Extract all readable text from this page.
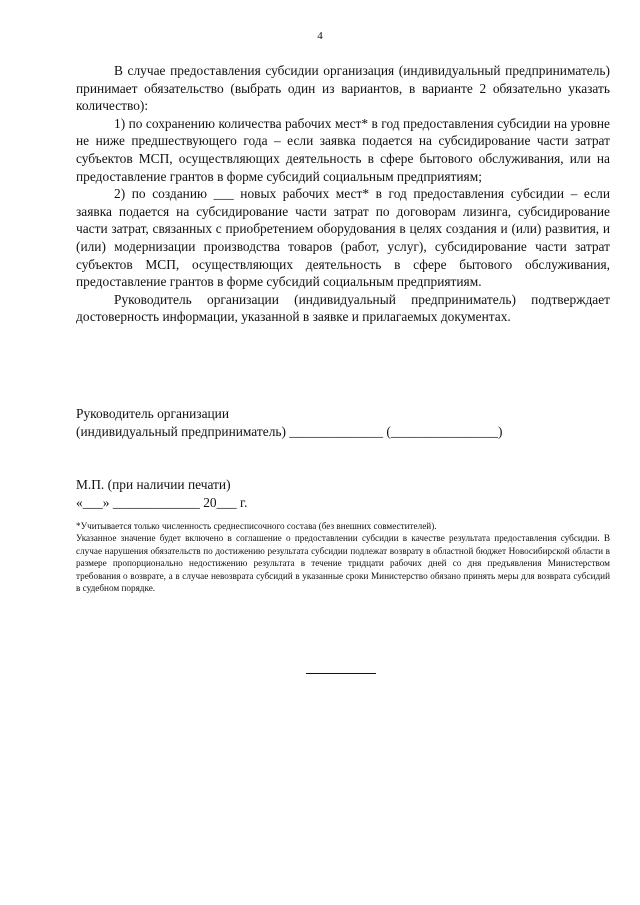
4

В случае предоставления субсидии организация (индивидуальный предприниматель) принимает обязательство (выбрать один из вариантов, в варианте 2 обязательно указать количество):

1) по сохранению количества рабочих мест* в год предоставления субсидии на уровне не ниже предшествующего года – если заявка подается на субсидирование части затрат субъектов МСП, осуществляющих деятельность в сфере бытового обслуживания, или на предоставление грантов в форме субсидий социальным предприятиям;

2) по созданию ___ новых рабочих мест* в год предоставления субсидии – если заявка подается на субсидирование части затрат по договорам лизинга, субсидирование части затрат, связанных с приобретением оборудования в целях создания и (или) развития, и (или) модернизации производства товаров (работ, услуг), субсидирование части затрат субъектов МСП, осуществляющих деятельность в сфере бытового обслуживания, предоставление грантов в форме субсидий социальным предприятиям.

Руководитель организации (индивидуальный предприниматель) подтверждает достоверность информации, указанной в заявке и прилагаемых документах.

Руководитель организации
(индивидуальный предприниматель) ______________ (________________)
М.П. (при наличии печати)
«___» _____________ 20___ г.

*Учитывается только численность среднесписочного состава (без внешних совместителей).

Указанное значение будет включено в соглашение о предоставлении субсидии в качестве результата предоставления субсидии. В случае нарушения обязательств по достижению результата субсидии подлежат возврату в областной бюджет Новосибирской области в размере пропорционально недостижению результата в течение тридцати рабочих дней со дня предъявления Министерством требования о возврате, а в случае невозврата субсидий в указанные сроки Министерство обязано принять меры для возврата субсидий в судебном порядке.
